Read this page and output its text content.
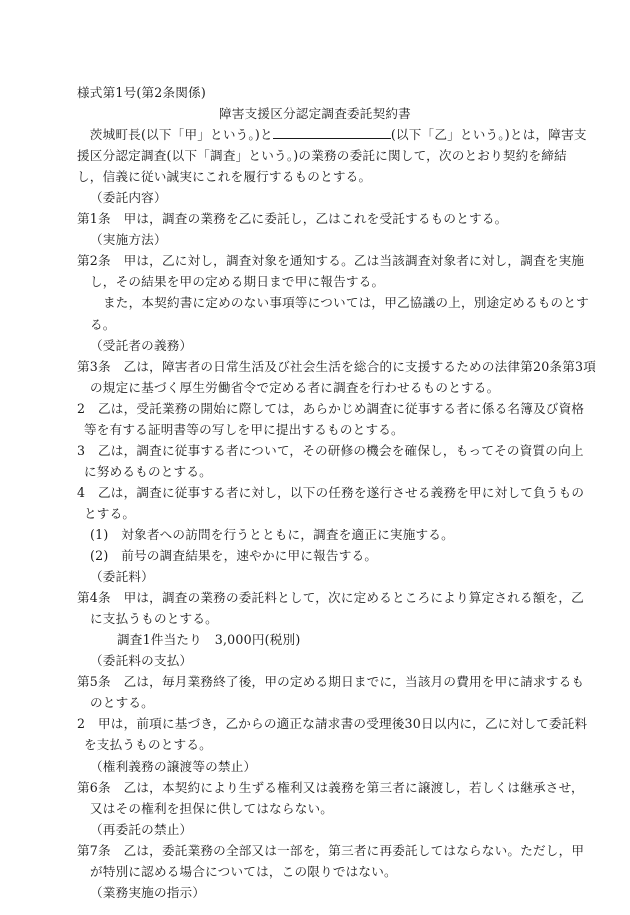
様式第1号(第2条関係)
障害支援区分認定調査委託契約書
　茨城町長(以下「甲」という。)と	(以下「乙」という。)とは，障害支
援区分認定調査(以下「調査」という。)の業務の委託に関して，次のとおり契約を締結
し，信義に従い誠実にこれを履行するものとする。
（委託内容）
第1条　甲は，調査の業務を乙に委託し，乙はこれを受託するものとする。
（実施方法）
第2条　甲は，乙に対し，調査対象を通知する。乙は当該調査対象者に対し，調査を実施
し，その結果を甲の定める期日まで甲に報告する。
また，本契約書に定めのない事項等については，甲乙協議の上，別途定めるものとす
る。
（受託者の義務）
第3条　乙は，障害者の日常生活及び社会生活を総合的に支援するための法律第20条第3項
の規定に基づく厚生労働省令で定める者に調査を行わせるものとする。
2　乙は，受託業務の開始に際しては，あらかじめ調査に従事する者に係る名簿及び資格
等を有する証明書等の写しを甲に提出するものとする。
3　乙は，調査に従事する者について，その研修の機会を確保し，もってその資質の向上
に努めるものとする。
4　乙は，調査に従事する者に対し，以下の任務を遂行させる義務を甲に対して負うもの
とする。
(1)　対象者への訪問を行うとともに，調査を適正に実施する。
(2)　前号の調査結果を，速やかに甲に報告する。
（委託料）
第4条　甲は，調査の業務の委託料として，次に定めるところにより算定される額を，乙
に支払うものとする。
調査1件当たり　3,000円(税別)
（委託料の支払）
第5条　乙は，毎月業務終了後，甲の定める期日までに，当該月の費用を甲に請求するも
のとする。
2　甲は，前項に基づき，乙からの適正な請求書の受理後30日以内に，乙に対して委託料
を支払うものとする。
（権利義務の譲渡等の禁止）
第6条　乙は，本契約により生ずる権利又は義務を第三者に譲渡し，若しくは継承させ，
又はその権利を担保に供してはならない。
（再委託の禁止）
第7条　乙は，委託業務の全部又は一部を，第三者に再委託してはならない。ただし，甲
が特別に認める場合については，この限りではない。
（業務実施の指示）
